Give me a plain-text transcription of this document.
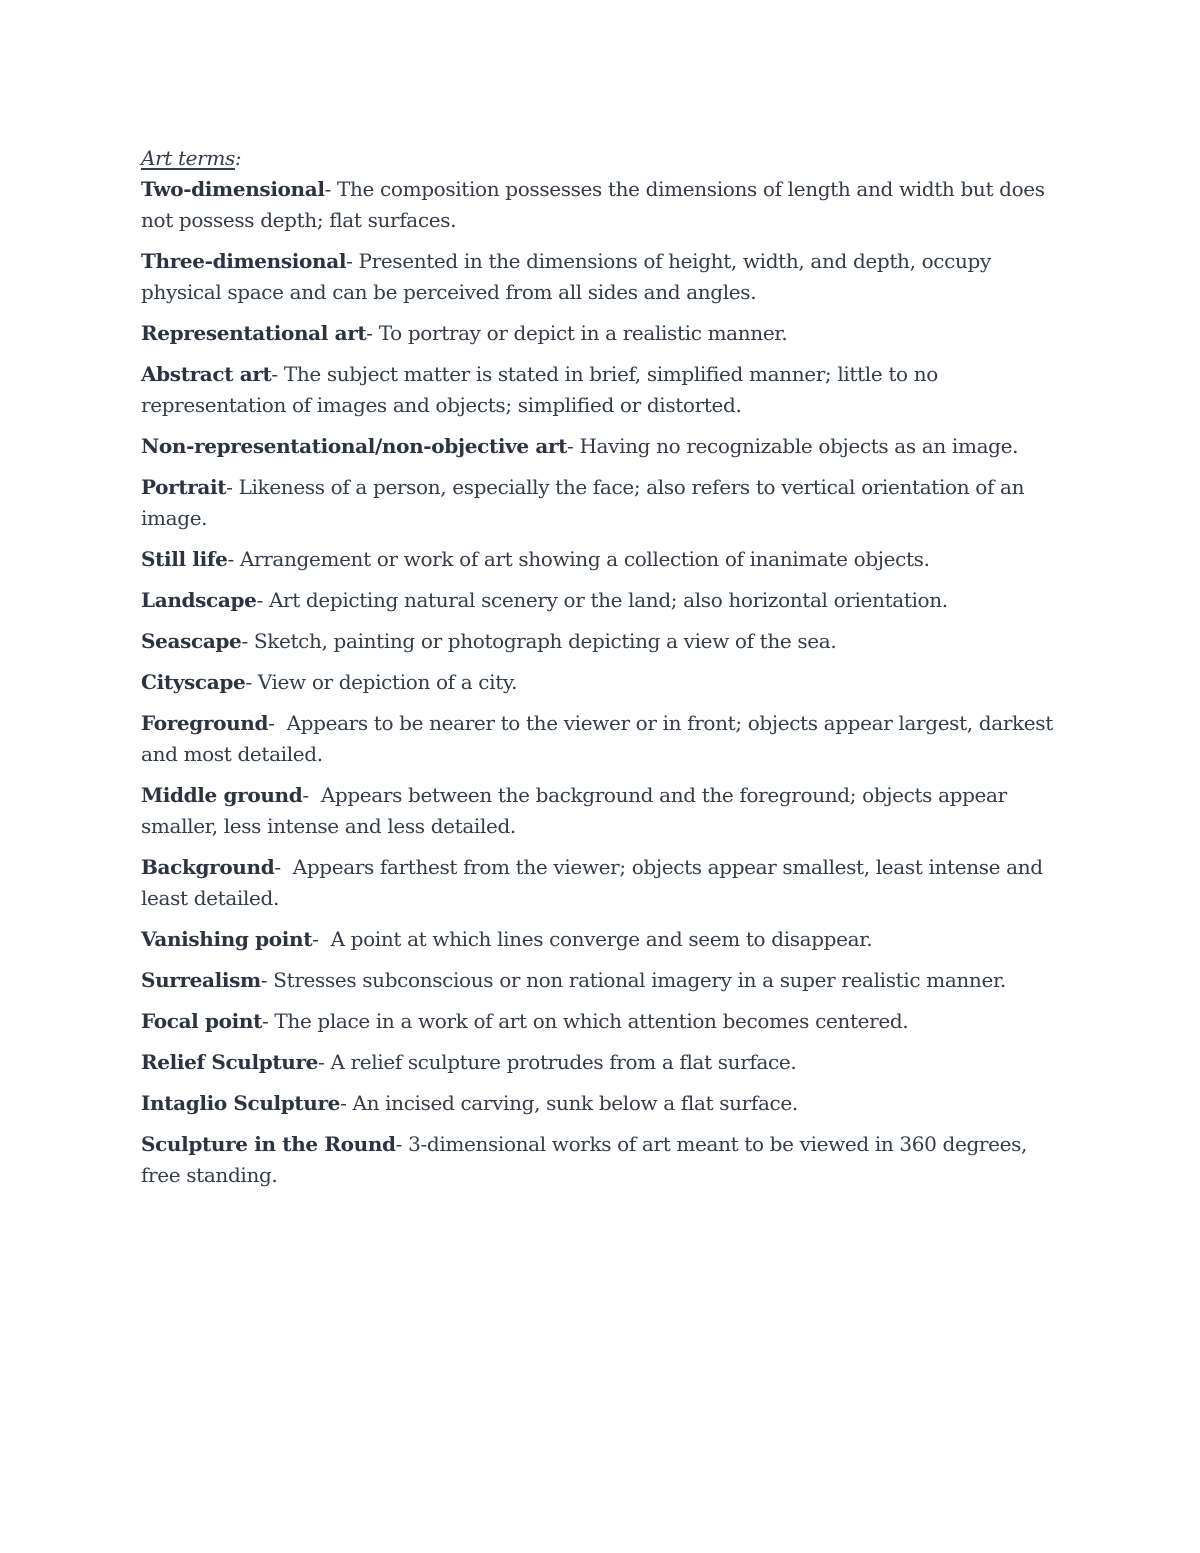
Art terms:

Two-dimensional- The composition possesses the dimensions of length and width but does not possess depth; flat surfaces.

Three-dimensional- Presented in the dimensions of height, width, and depth, occupy physical space and can be perceived from all sides and angles.

Representational art- To portray or depict in a realistic manner.

Abstract art- The subject matter is stated in brief, simplified manner; little to no representation of images and objects; simplified or distorted.

Non-representational/non-objective art- Having no recognizable objects as an image.

Portrait- Likeness of a person, especially the face; also refers to vertical orientation of an image.

Still life- Arrangement or work of art showing a collection of inanimate objects.

Landscape- Art depicting natural scenery or the land; also horizontal orientation.

Seascape- Sketch, painting or photograph depicting a view of the sea.

Cityscape- View or depiction of a city.

Foreground-  Appears to be nearer to the viewer or in front; objects appear largest, darkest and most detailed.

Middle ground-  Appears between the background and the foreground; objects appear smaller, less intense and less detailed.

Background-  Appears farthest from the viewer; objects appear smallest, least intense and least detailed.

Vanishing point-  A point at which lines converge and seem to disappear.

Surrealism- Stresses subconscious or non rational imagery in a super realistic manner.

Focal point- The place in a work of art on which attention becomes centered.

Relief Sculpture- A relief sculpture protrudes from a flat surface.

Intaglio Sculpture- An incised carving, sunk below a flat surface.

Sculpture in the Round- 3-dimensional works of art meant to be viewed in 360 degrees, free standing.
